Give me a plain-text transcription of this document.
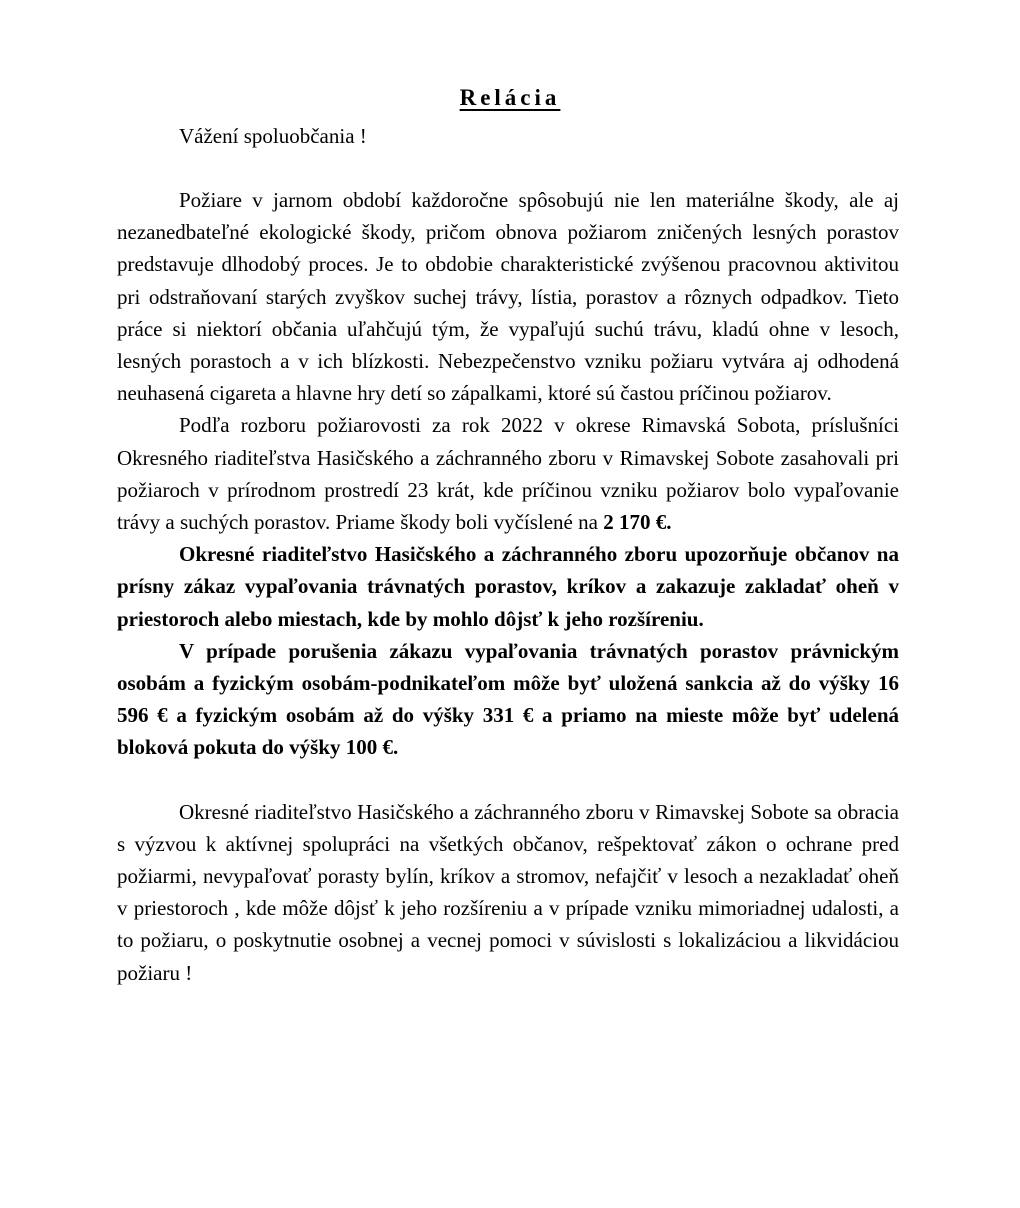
Relácia
Vážení spoluobčania !

Požiare v jarnom období každoročne spôsobujú nie len materiálne škody, ale aj nezanedbateľné ekologické škody, pričom obnova požiarom zničených lesných porastov predstavuje dlhodobý proces. Je to obdobie charakteristické zvýšenou pracovnou aktivitou pri odstraňovaní starých zvyškov suchej trávy, lístia, porastov a rôznych odpadkov. Tieto práce si niektorí občania uľahčujú tým, že vypaľujú suchú trávu, kladú ohne v lesoch, lesných porastoch a v ich blízkosti. Nebezpečenstvo vzniku požiaru vytvára aj odhodená neuhasená cigareta a hlavne hry detí so zápalkami, ktoré sú častou príčinou požiarov.

Podľa rozboru požiarovosti za rok 2022 v okrese Rimavská Sobota, príslušníci Okresného riaditeľstva Hasičského a záchranného zboru v Rimavskej Sobote zasahovali pri požiaroch v prírodnom prostredí 23 krát, kde príčinou vzniku požiarov bolo vypaľovanie trávy a suchých porastov. Priame škody boli vyčíslené na 2 170 €.

Okresné riaditeľstvo Hasičského a záchranného zboru upozorňuje občanov na prísny zákaz vypaľovania trávnatých porastov, kríkov a zakazuje zakladať oheň v priestoroch alebo miestach, kde by mohlo dôjsť k jeho rozšíreniu.

V prípade porušenia zákazu vypaľovania trávnatých porastov právnickým osobám a fyzickým osobám-podnikateľom môže byť uložená sankcia až do výšky 16 596 € a fyzickým osobám až do výšky 331 € a priamo na mieste môže byť udelená bloková pokuta do výšky 100 €.

Okresné riaditeľstvo Hasičského a záchranného zboru v Rimavskej Sobote sa obracia s výzvou k aktívnej spolupráci na všetkých občanov, rešpektovať zákon o ochrane pred požiarmi, nevypaľovať porasty bylín, kríkov a stromov, nefajčiť v lesoch a nezakladať oheň v priestoroch , kde môže dôjsť k jeho rozšíreniu a v prípade vzniku mimoriadnej udalosti, a to požiaru, o poskytnutie osobnej a vecnej pomoci v súvislosti s lokalizáciou a likvidáciou požiaru !
